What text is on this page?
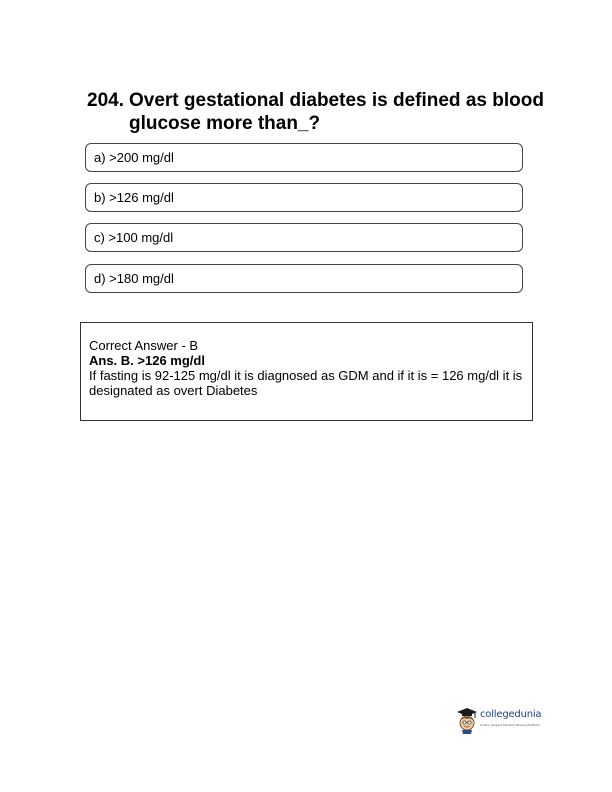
204. Overt gestational diabetes is defined as blood glucose more than_?
a) >200 mg/dl
b) >126 mg/dl
c) >100 mg/dl
d) >180 mg/dl
Correct Answer - B
Ans. B. >126 mg/dl
If fasting is 92-125 mg/dl it is diagnosed as GDM and if it is = 126 mg/dl it is designated as overt Diabetes
collegedunia
India's Largest Student Review Platform
